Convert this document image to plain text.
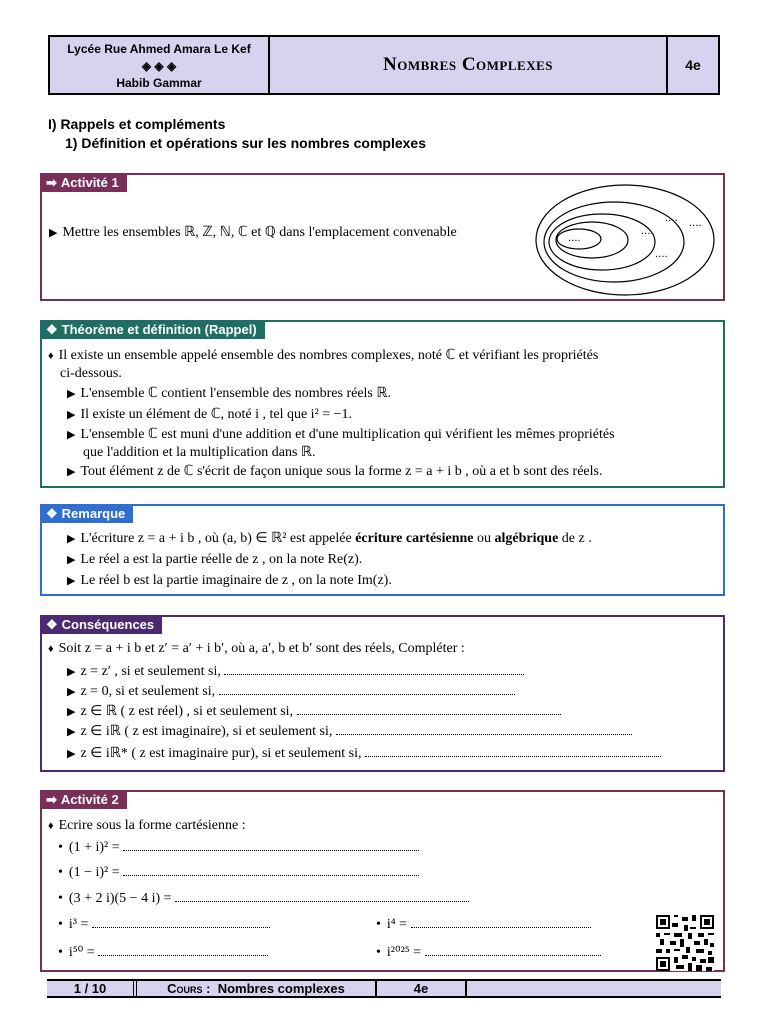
Lycée Rue Ahmed Amara Le Kef
◈ ◈ ◈
Habib Gammar
Nombres Complexes	4e
I) Rappels et compléments
1) Définition et opérations sur les nombres complexes
➡ Activité 1
▶ Mettre les ensembles ℝ, ℤ, ℕ, ℂ et ℚ dans l'emplacement convenable	....
....
.... ....
....
❖ Théorème et définition (Rappel)
♦ Il existe un ensemble appelé ensemble des nombres complexes, noté ℂ et vérifiant les propriétés
ci-dessous.
▶ L'ensemble ℂ contient l'ensemble des nombres réels ℝ.
▶ Il existe un élément de ℂ, noté i , tel que i² = −1.
▶ L'ensemble ℂ est muni d'une addition et d'une multiplication qui vérifient les mêmes propriétés
que l'addition et la multiplication dans ℝ.
▶ Tout élément z de ℂ s'écrit de façon unique sous la forme z = a + i b , où a et b sont des réels.
❖ Remarque
▶ L'écriture z = a + i b , où (a, b) ∈ ℝ² est appelée écriture cartésienne ou algébrique de z .
▶ Le réel a est la partie réelle de z , on la note Re(z).
▶ Le réel b est la partie imaginaire de z , on la note Im(z).
❖ Conséquences
♦ Soit z = a + i b et z′ = a′ + i b′, où a, a′, b et b′ sont des réels, Compléter :
▶ z = z′ , si et seulement si,
▶ z = 0, si et seulement si,
▶ z ∈ ℝ ( z est réel) , si et seulement si,
▶ z ∈ iℝ ( z est imaginaire), si et seulement si,
▶ z ∈ iℝ* ( z est imaginaire pur), si et seulement si,
➡ Activité 2
♦ Ecrire sous la forme cartésienne :
• (1 + i)² =
• (1 − i)² =
• (3 + 2 i)(5 − 4 i) =
• i³ =	• i⁴ =
• i⁵⁰ =	• i²⁰²⁵ =
1 / 10	Cours :
Nombres complexes	4e
